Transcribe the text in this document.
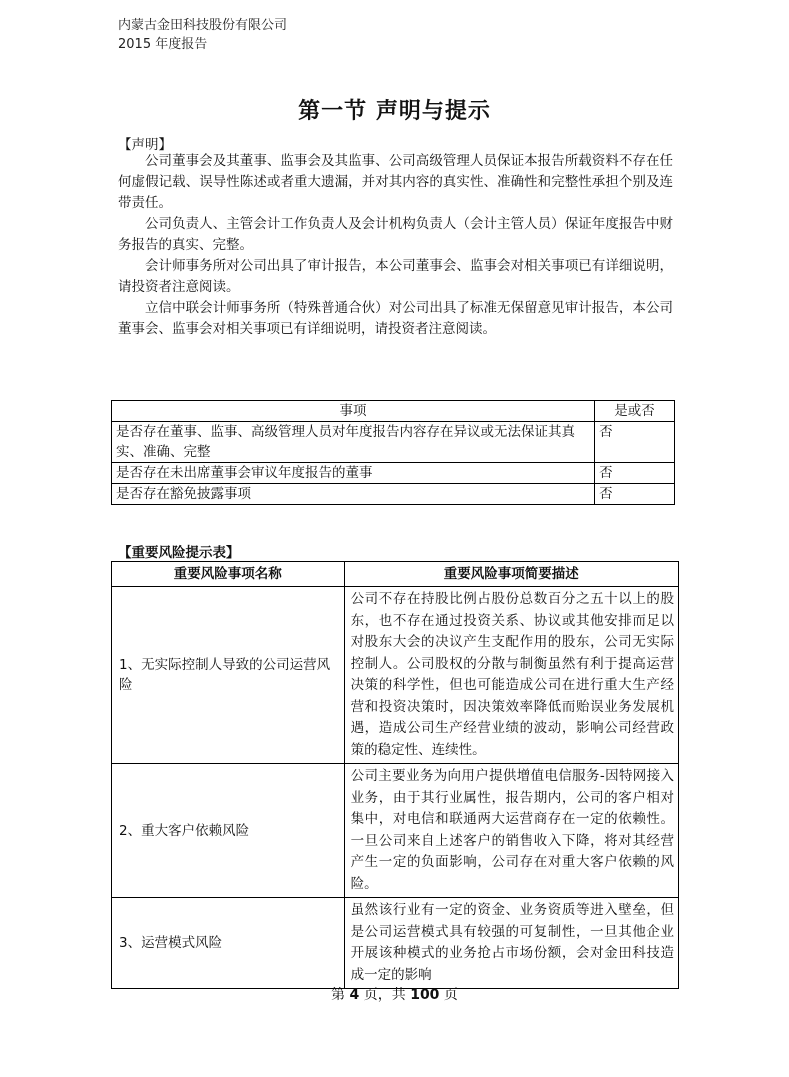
内蒙古金田科技股份有限公司
2015 年度报告
第一节 声明与提示
【声明】

公司董事会及其董事、监事会及其监事、公司高级管理人员保证本报告所载资料不存在任何虚假记载、误导性陈述或者重大遗漏，并对其内容的真实性、准确性和完整性承担个别及连带责任。

公司负责人、主管会计工作负责人及会计机构负责人（会计主管人员）保证年度报告中财务报告的真实、完整。

会计师事务所对公司出具了审计报告，本公司董事会、监事会对相关事项已有详细说明，请投资者注意阅读。

立信中联会计师事务所（特殊普通合伙）对公司出具了标准无保留意见审计报告，本公司董事会、监事会对相关事项已有详细说明，请投资者注意阅读。

事项	是或否
是否存在董事、监事、高级管理人员对年度报告内容存在异议或无法保证其真实、准确、完整	否
是否存在未出席董事会审议年度报告的董事	否
是否存在豁免披露事项	否
【重要风险提示表】
重要风险事项名称	重要风险事项简要描述
1、无实际控制人导致的公司运营风险	公司不存在持股比例占股份总数百分之五十以上的股东，也不存在通过投资关系、协议或其他安排而足以对股东大会的决议产生支配作用的股东，公司无实际控制人。公司股权的分散与制衡虽然有利于提高运营决策的科学性，但也可能造成公司在进行重大生产经营和投资决策时，因决策效率降低而贻误业务发展机遇，造成公司生产经营业绩的波动，影响公司经营政策的稳定性、连续性。
2、重大客户依赖风险	公司主要业务为向用户提供增值电信服务-因特网接入业务，由于其行业属性，报告期内，公司的客户相对集中，对电信和联通两大运营商存在一定的依赖性。一旦公司来自上述客户的销售收入下降，将对其经营产生一定的负面影响，公司存在对重大客户依赖的风险。
3、运营模式风险	虽然该行业有一定的资金、业务资质等进入壁垒，但是公司运营模式具有较强的可复制性，一旦其他企业开展该种模式的业务抢占市场份额，会对金田科技造成一定的影响
第 4 页，共 100 页
